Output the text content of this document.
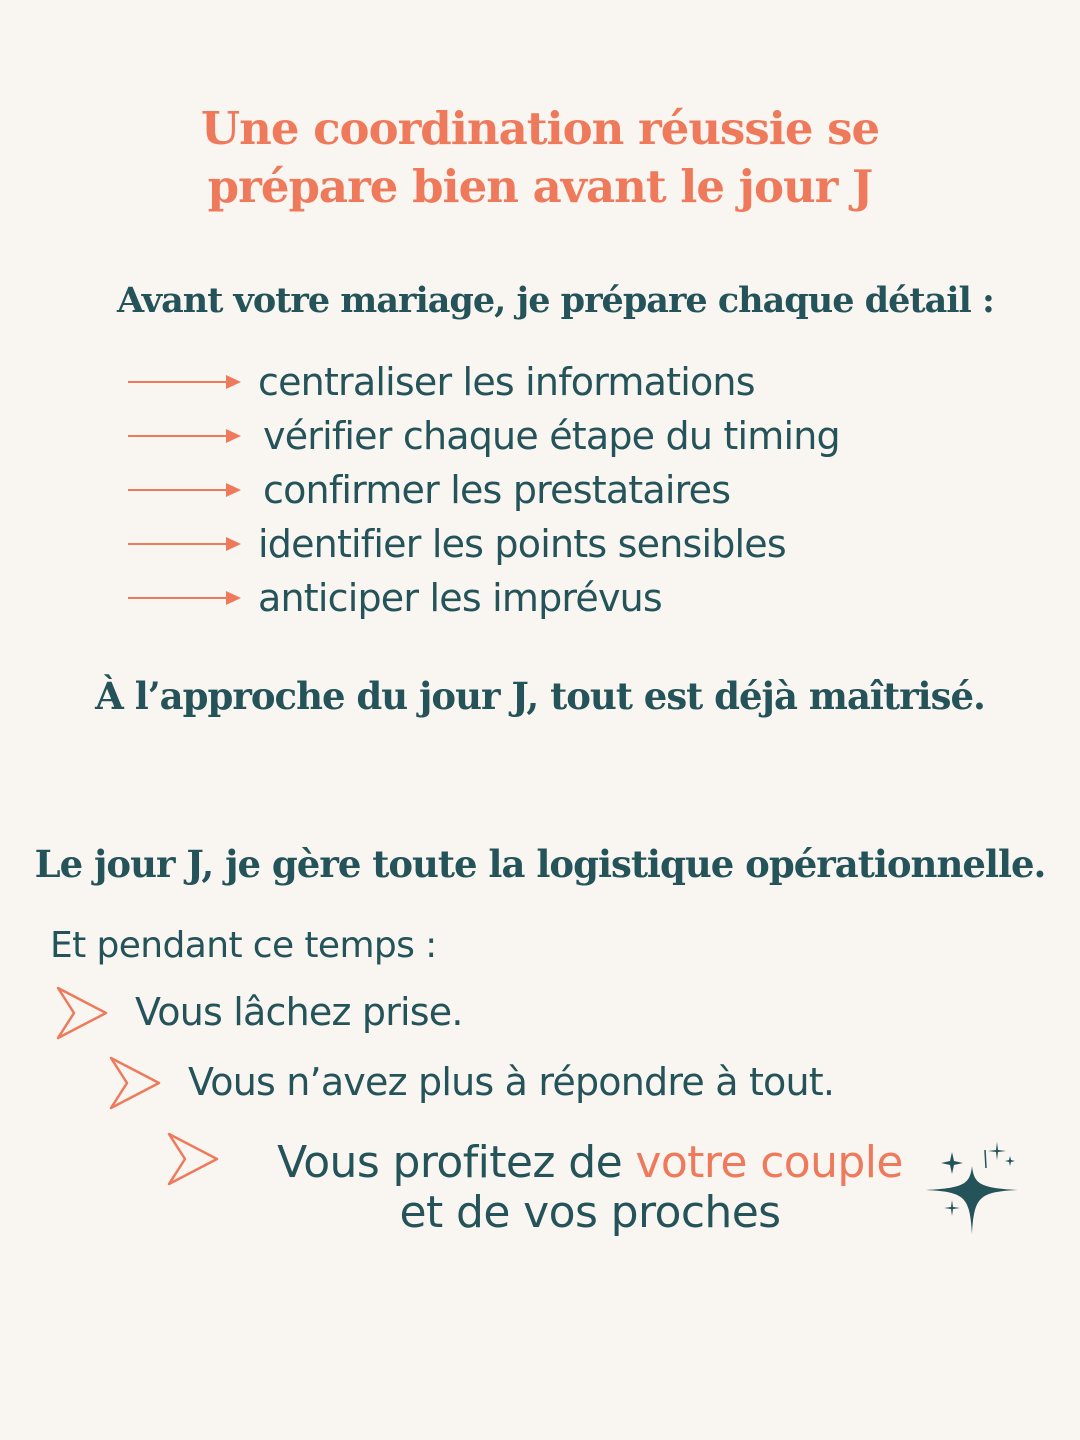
Une coordination réussie se
prépare bien avant le jour J
Avant votre mariage, je prépare chaque détail :
centraliser les informations
vérifier chaque étape du timing
confirmer les prestataires
identifier les points sensibles
anticiper les imprévus
À l’approche du jour J, tout est déjà maîtrisé.
Le jour J, je gère toute la logistique opérationnelle.
Et pendant ce temps :
Vous lâchez prise.
Vous n’avez plus à répondre à tout.
Vous profitez de votre couple
et de vos proches
